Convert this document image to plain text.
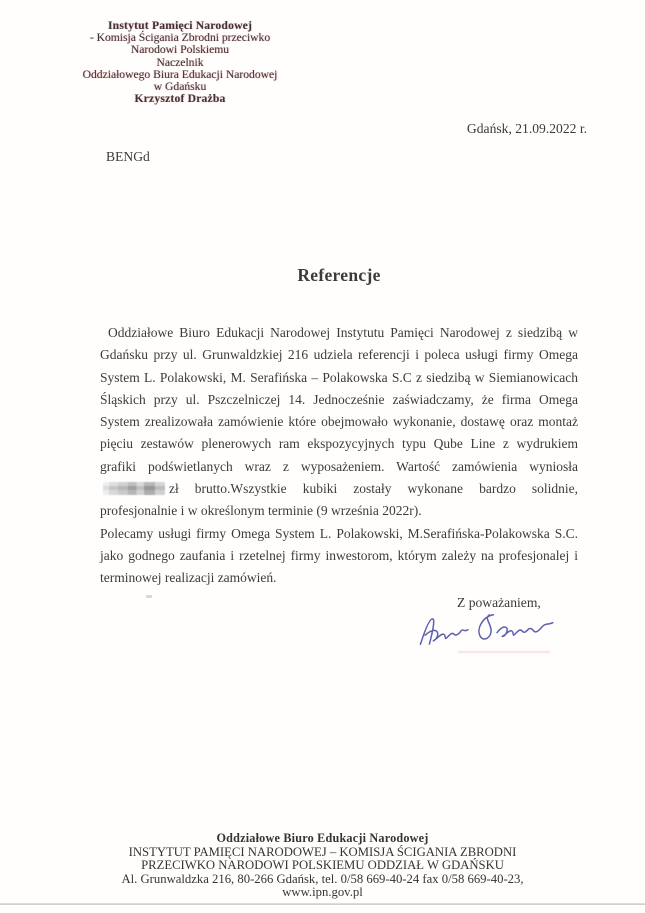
Instytut Pamięci Narodowej
- Komisja Ścigania Zbrodni przeciwko
Narodowi Polskiemu
Naczelnik
Oddziałowego Biura Edukacji Narodowej
w Gdańsku
Krzysztof Drażba
Gdańsk, 21.09.2022 r.
BENGd
Referencje

Oddziałowe Biuro Edukacji Narodowej Instytutu Pamięci Narodowej z siedzibą w Gdańsku przy ul. Grunwaldzkiej 216 udziela referencji i poleca usługi firmy Omega System L. Polakowski, M. Serafińska – Polakowska S.C z siedzibą w Siemianowicach Śląskich przy ul. Pszczelniczej 14. Jednocześnie zaświadczamy, że firma Omega System zrealizowała zamówienie które obejmowało wykonanie, dostawę oraz montaż pięciu zestawów plenerowych ram ekspozycyjnych typu Qube Line z wydrukiem grafiki podświetlanych wraz z wyposażeniem. Wartość zamówienia wyniosłazł brutto.Wszystkie kubiki zostały wykonane bardzo solidnie, profesjonalnie i w określonym terminie (9 września 2022r).

Polecamy usługi firmy Omega System L. Polakowski, M.Serafińska-Polakowska S.C. jako godnego zaufania i rzetelnej firmy inwestorom, którym zależy na profesjonalej i terminowej realizacji zamówień.

Z poważaniem,
Oddziałowe Biuro Edukacji Narodowej
INSTYTUT PAMIĘCI NARODOWEJ – KOMISJA ŚCIGANIA ZBRODNI
PRZECIWKO NARODOWI POLSKIEMU ODDZIAŁ W GDAŃSKU
Al. Grunwaldzka 216, 80-266 Gdańsk, tel. 0/58 669-40-24 fax 0/58 669-40-23,
www.ipn.gov.pl
